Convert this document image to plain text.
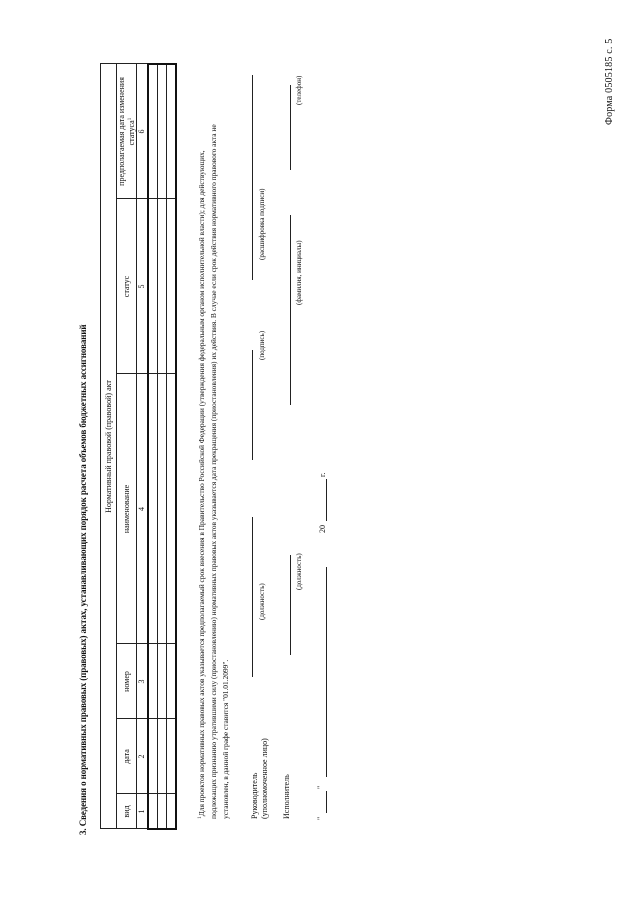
Форма 0505185 с. 5
3. Сведения о нормативных правовых (правовых) актах, устанавливающих порядок расчета объемов бюджетных ассигнований Нормативный правовой (правовой) акт					
вид	дата	номер	наименование	статус	предполагаемая дата изменения статуса$^1$
1	2	3	4	5	6

$^1$Для проектов нормативных правовых актов указывается предполагаемый срок внесения в Правительство Российской Федерации (утверждения федеральным органом исполнительной власти); для действующих, подлежащих признанию утратившими силу (приостановлению) нормативных правовых актов указывается дата прекращения (приостановления) их действия. В случае если срок действия нормативного правового акта не установлен, в данной графе ставится "01.01.2099".	Руководитель (уполномоченное лицо)
(должность)
(подпись)
(расшифровка подписи)
Исполнитель
(должность)
(фамилия, инициалы)
(телефон)
"
"
20
г.
